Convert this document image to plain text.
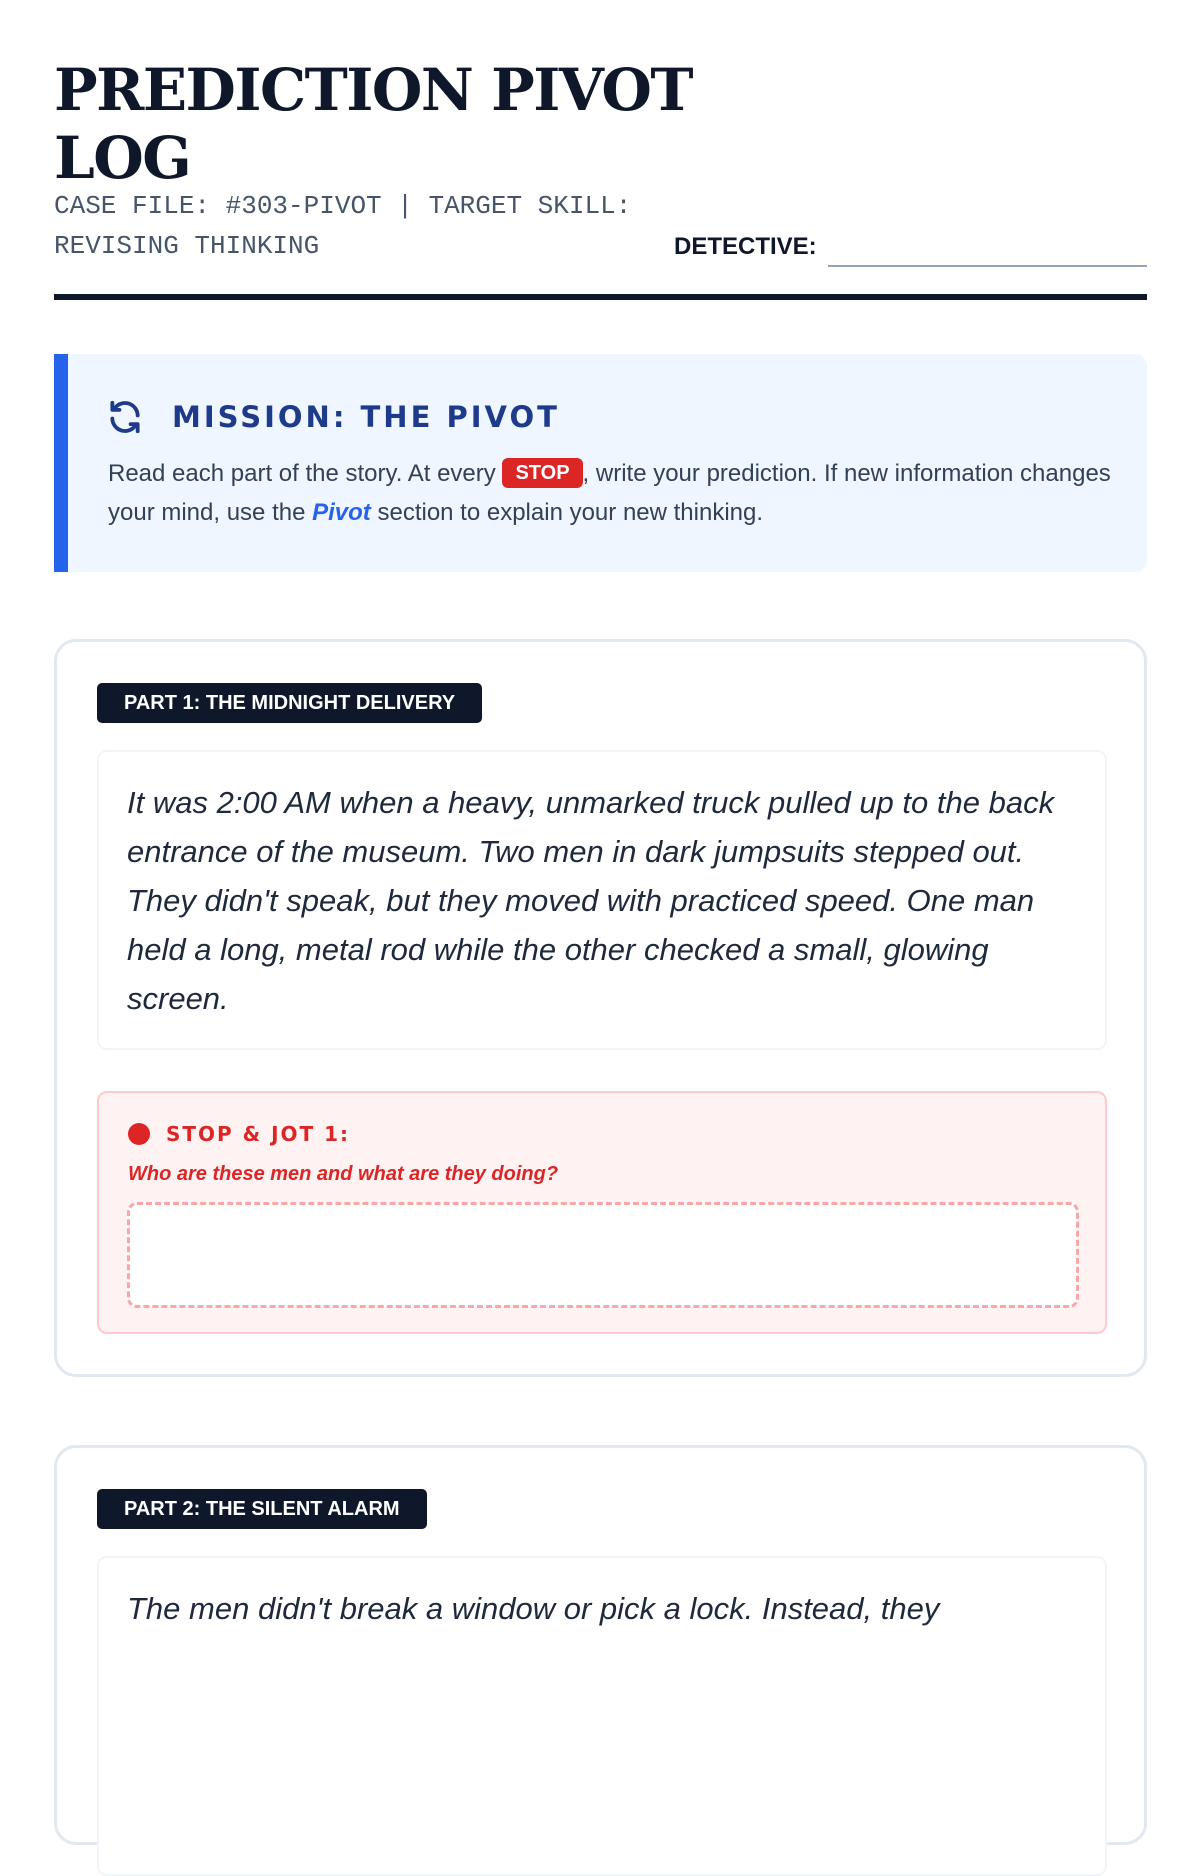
PREDICTION PIVOT
LOG
CASE FILE: #303-PIVOT | TARGET SKILL:
REVISING THINKING	DETECTIVE:
MISSION: THE PIVOT

Read each part of the story. At every STOP , write your prediction. If new information changes your mind, use the Pivot section to explain your new thinking.

PART 1: THE MIDNIGHT DELIVERY

It was 2:00 AM when a heavy, unmarked truck pulled up to the back entrance of the museum. Two men in dark jumpsuits stepped out. They didn't speak, but they moved with practiced speed. One man held a long, metal rod while the other checked a small, glowing screen.

STOP & JOT 1:
Who are these men and what are they doing?
PART 2: THE SILENT ALARM

The men didn't break a window or pick a lock. Instead, they
